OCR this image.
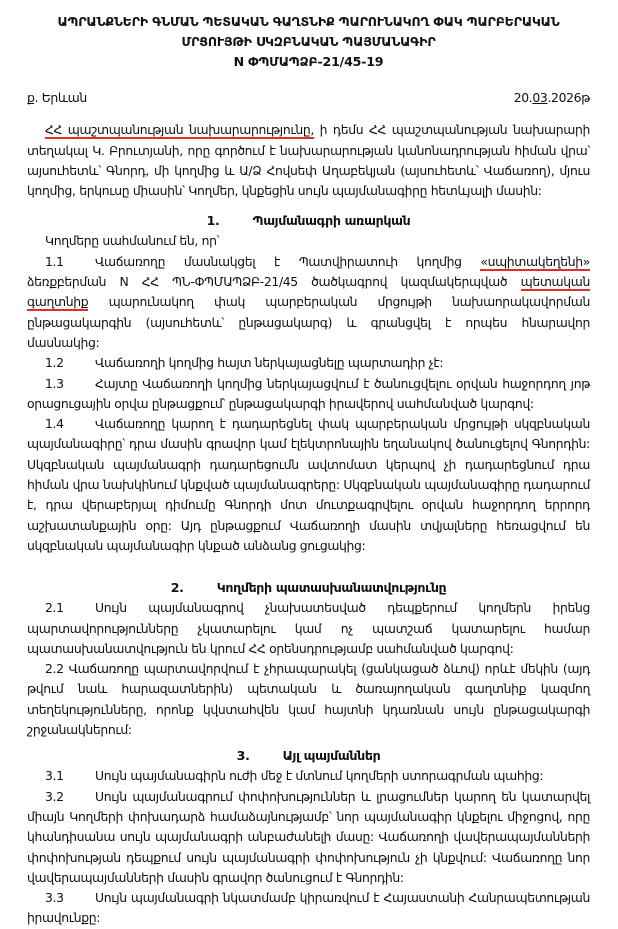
ԱՊՐԱՆՔՆԵՐԻ ԳՆՄԱՆ ՊԵՏԱԿԱՆ ԳԱՂՏՆԻՔ ՊԱՐՈՒՆԱԿՈՂ ՓԱԿ ՊԱՐԲԵՐԱԿԱՆ
ՄՐՑՈՒՅԹԻ ՍԿԶԲՆԱԿԱՆ ՊԱՅՄԱՆԱԳԻՐ
N ՓՊՄԱՊՁԲ-21/45-19
ք. Երևան	20.03.2026թ

ՀՀ պաշտպանության նախարարությունը, ի դեմս ՀՀ պաշտպանության նախարարի տեղակալ Կ. Բրուտյանի, որը գործում է նախարարության կանոնադրության հիման վրա՝ այսուհետև՝ Գնորդ, մի կողմից և Ա/Ձ Հովսեփ Աղաբեկյան (այսուհետև՝ Վաճառող), մյուս կողմից, երկուսը միասին՝ Կողմեր, կնքեցին սույն պայմանագիրը հետևյալի մասին:

1.	Պայմանագրի առարկան

Կողմերը սահմանում են, որ՝

1.1	Վաճառողը մասնակցել է Պատվիրատուի կողմից «սպիտակեղենի» ձեռքբերման N ՀՀ ՊՆ-ՓՊՄԱՊՁԲ-21/45 ծածկագրով կազմակերպված պետական գաղտնիք պարունակող փակ պարբերական մրցույթի նախաորակավորման ընթացակարգին (այսուհետև՝ ընթացակարգ) և գրանցվել է որպես հնարավոր մասնակից:

1.2	Վաճառողի կողմից հայտ ներկայացնելը պարտադիր չէ:

1.3	Հայտը Վաճառողի կողմից ներկայացվում է ծանուցվելու օրվան հաջորդող յոթ օրացուցային օրվա ընթացքում՝ ընթացակարգի իրավերով սահմանված կարգով:

1.4	Վաճառողը կարող է դադարեցնել փակ պարբերական մրցույթի սկզբնական պայմանագիրը՝ դրա մասին գրավոր կամ էլեկտրոնային եղանակով ծանուցելով Գնորդին: Սկզբնական պայմանագրի դադարեցումն ավտոմատ կերպով չի դադարեցնում դրա հիման վրա նախկինում կնքված պայմանագրերը: Սկզբնական պայմանագիրը դադարում է, դրա վերաբերյալ դիմումը Գնորդի մոտ մուտքագրվելու օրվան հաջորդող երրորդ աշխատանքային օրը: Այդ ընթացքում Վաճառողի մասին տվյալները հեռացվում են սկզբնական պայմանագիր կնքած անձանց ցուցակից:

2.	Կողմերի պատասխանատվությունը

2.1	Սույն պայմանագրով չնախատեսված դեպքերում կողմերն իրենց պարտավորությունները չկատարելու կամ ոչ պատշաճ կատարելու համար պատասխանատվություն են կրում ՀՀ օրենսդրությամբ սահմանված կարգով:

2.2 Վաճառողը պարտավորվում է չհրապարակել (ցանկացած ձևով) որևէ մեկին (այդ թվում նաև հարազատներին) պետական և ծառայողական գաղտնիք կազմող տեղեկությունները, որոնք կվստահվեն կամ հայտնի կդառնան սույն ընթացակարգի շրջանակներում:

3.	Այլ պայմաններ

3.1	Սույն պայմանագիրն ուժի մեջ է մտնում կողմերի ստորագրման պահից:

3.2	Սույն պայմանագրում փոփոխություններ և լրացումներ կարող են կատարվել միայն Կողմերի փոխադարձ համաձայնությամբ՝ նոր պայմանագիր կնքելու միջոցով, որը կհանդիսանա սույն պայմանագրի անբաժանելի մասը: Վաճառողի վավերապայմանների փոփոխության դեպքում սույն պայմանագրի փոփոխություն չի կնքվում: Վաճառողը նոր վավերապայմանների մասին գրավոր ծանուցում է Գնորդին:

3.3	Սույն պայմանագրի նկատմամբ կիրառվում է Հայաստանի Հանրապետության իրավունքը:
